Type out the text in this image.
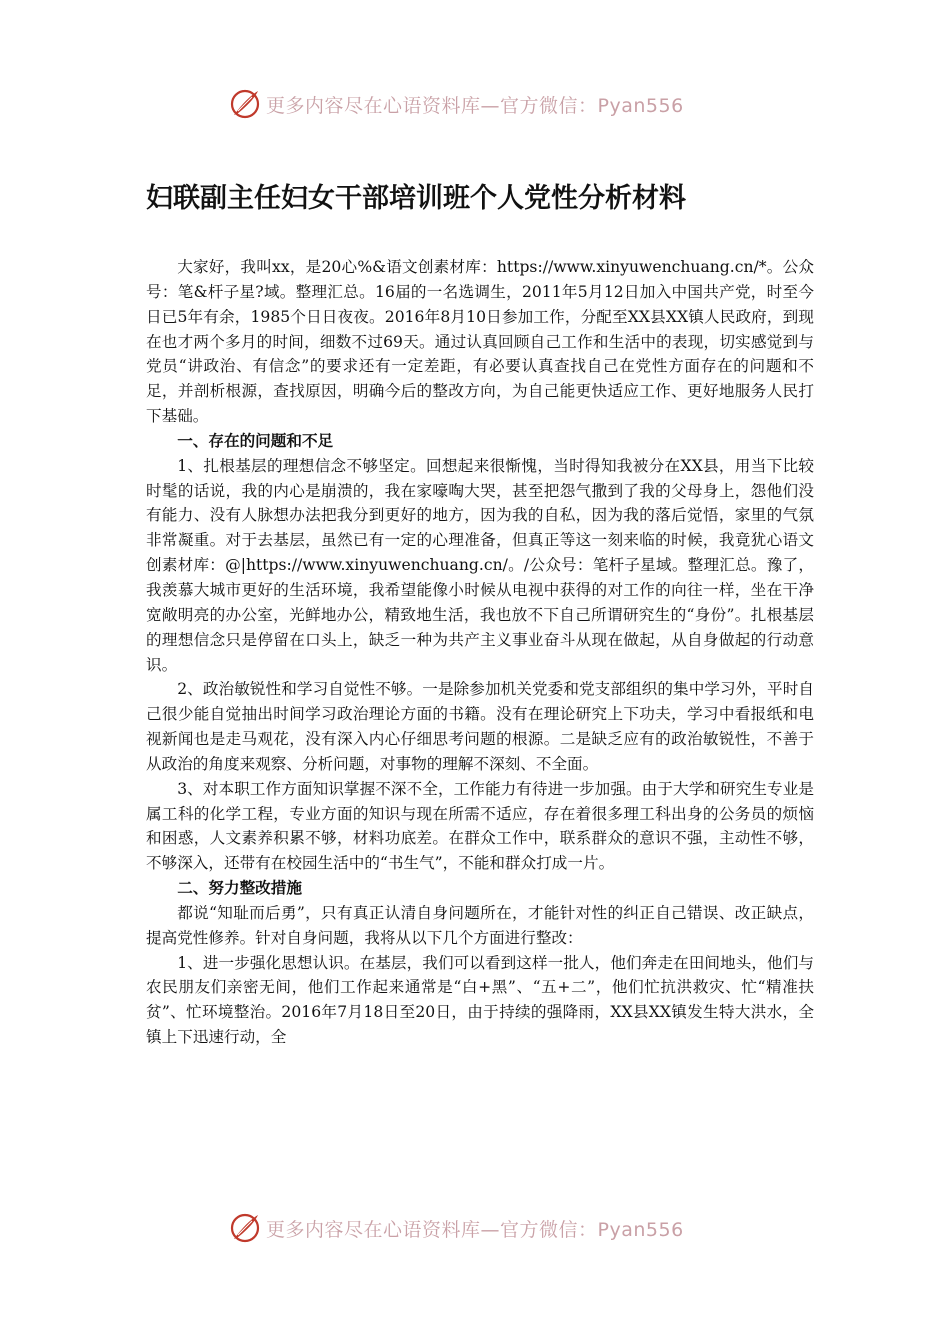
更多内容尽在心语资料库—官方微信：Pyan556
妇联副主任妇女干部培训班个人党性分析材料

大家好，我叫xx，是20心%&语文创素材库：https://www.xinyuwenchuang.cn/*。公众号：笔&杆子星?域。整理汇总。16届的一名选调生，2011年5月12日加入中国共产党，时至今日已5年有余，1985个日日夜夜。2016年8月10日参加工作，分配至XX县XX镇人民政府，到现在也才两个多月的时间，细数不过69天。通过认真回顾自己工作和生活中的表现，切实感觉到与党员“讲政治、有信念”的要求还有一定差距，有必要认真查找自己在党性方面存在的问题和不足，并剖析根源，查找原因，明确今后的整改方向，为自己能更快适应工作、更好地服务人民打下基础。

一、存在的问题和不足

1、扎根基层的理想信念不够坚定。回想起来很惭愧，当时得知我被分在XX县，用当下比较时髦的话说，我的内心是崩溃的，我在家嚎啕大哭，甚至把怨气撒到了我的父母身上，怨他们没有能力、没有人脉想办法把我分到更好的地方，因为我的自私，因为我的落后觉悟，家里的气氛非常凝重。对于去基层，虽然已有一定的心理准备，但真正等这一刻来临的时候，我竟犹心语文创素材库：@|https://www.xinyuwenchuang.cn/。/公众号：笔杆子星域。整理汇总。豫了，我羡慕大城市更好的生活环境，我希望能像小时候从电视中获得的对工作的向往一样，坐在干净宽敞明亮的办公室，光鲜地办公，精致地生活，我也放不下自己所谓研究生的“身份”。扎根基层的理想信念只是停留在口头上，缺乏一种为共产主义事业奋斗从现在做起，从自身做起的行动意识。

2、政治敏锐性和学习自觉性不够。一是除参加机关党委和党支部组织的集中学习外，平时自己很少能自觉抽出时间学习政治理论方面的书籍。没有在理论研究上下功夫，学习中看报纸和电视新闻也是走马观花，没有深入内心仔细思考问题的根源。二是缺乏应有的政治敏锐性，不善于从政治的角度来观察、分析问题，对事物的理解不深刻、不全面。

3、对本职工作方面知识掌握不深不全，工作能力有待进一步加强。由于大学和研究生专业是属工科的化学工程，专业方面的知识与现在所需不适应，存在着很多理工科出身的公务员的烦恼和困惑，人文素养积累不够，材料功底差。在群众工作中，联系群众的意识不强，主动性不够，不够深入，还带有在校园生活中的“书生气”，不能和群众打成一片。

二、努力整改措施

都说“知耻而后勇”，只有真正认清自身问题所在，才能针对性的纠正自己错误、改正缺点，提高党性修养。针对自身问题，我将从以下几个方面进行整改：

1、进一步强化思想认识。在基层，我们可以看到这样一批人，他们奔走在田间地头，他们与农民朋友们亲密无间，他们工作起来通常是“白+黑”、“五+二”，他们忙抗洪救灾、忙“精准扶贫”、忙环境整治。2016年7月18日至20日，由于持续的强降雨，XX县XX镇发生特大洪水，全镇上下迅速行动，全

更多内容尽在心语资料库—官方微信：Pyan556
